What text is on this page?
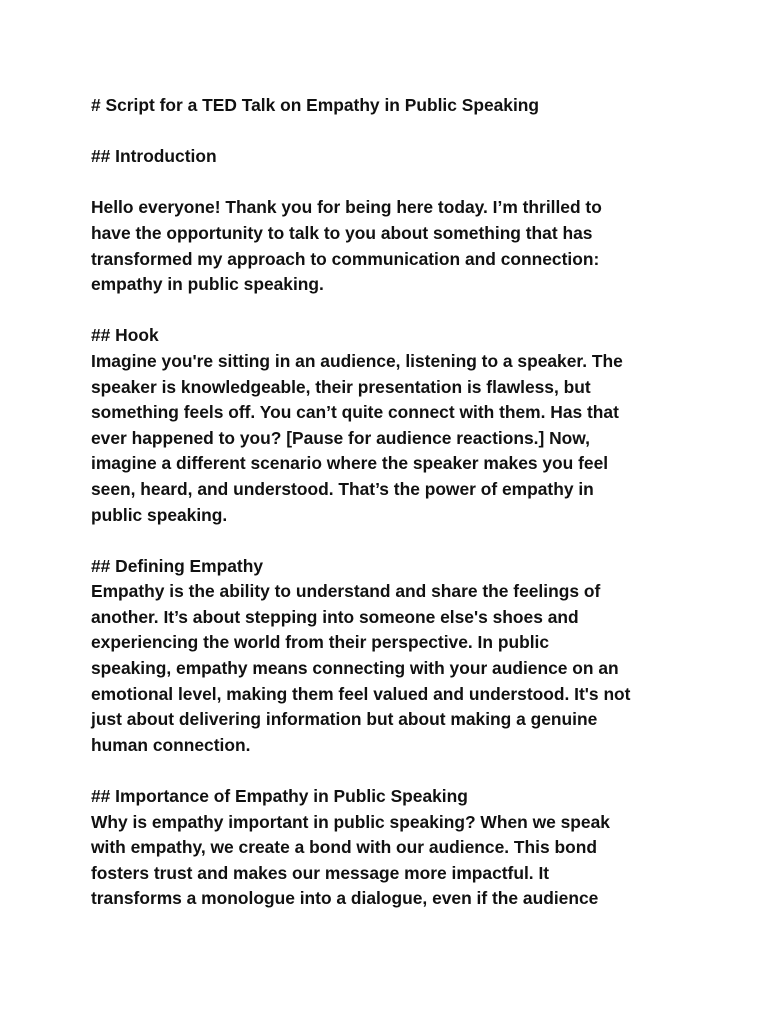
# Script for a TED Talk on Empathy in Public Speaking
## Introduction
Hello everyone! Thank you for being here today. I’m thrilled to
have the opportunity to talk to you about something that has
transformed my approach to communication and connection:
empathy in public speaking.
## Hook
Imagine you're sitting in an audience, listening to a speaker. The
speaker is knowledgeable, their presentation is flawless, but
something feels off. You can’t quite connect with them. Has that
ever happened to you? [Pause for audience reactions.] Now,
imagine a different scenario where the speaker makes you feel
seen, heard, and understood. That’s the power of empathy in
public speaking.
## Defining Empathy
Empathy is the ability to understand and share the feelings of
another. It’s about stepping into someone else's shoes and
experiencing the world from their perspective. In public
speaking, empathy means connecting with your audience on an
emotional level, making them feel valued and understood. It's not
just about delivering information but about making a genuine
human connection.
## Importance of Empathy in Public Speaking
Why is empathy important in public speaking? When we speak
with empathy, we create a bond with our audience. This bond
fosters trust and makes our message more impactful. It
transforms a monologue into a dialogue, even if the audience
